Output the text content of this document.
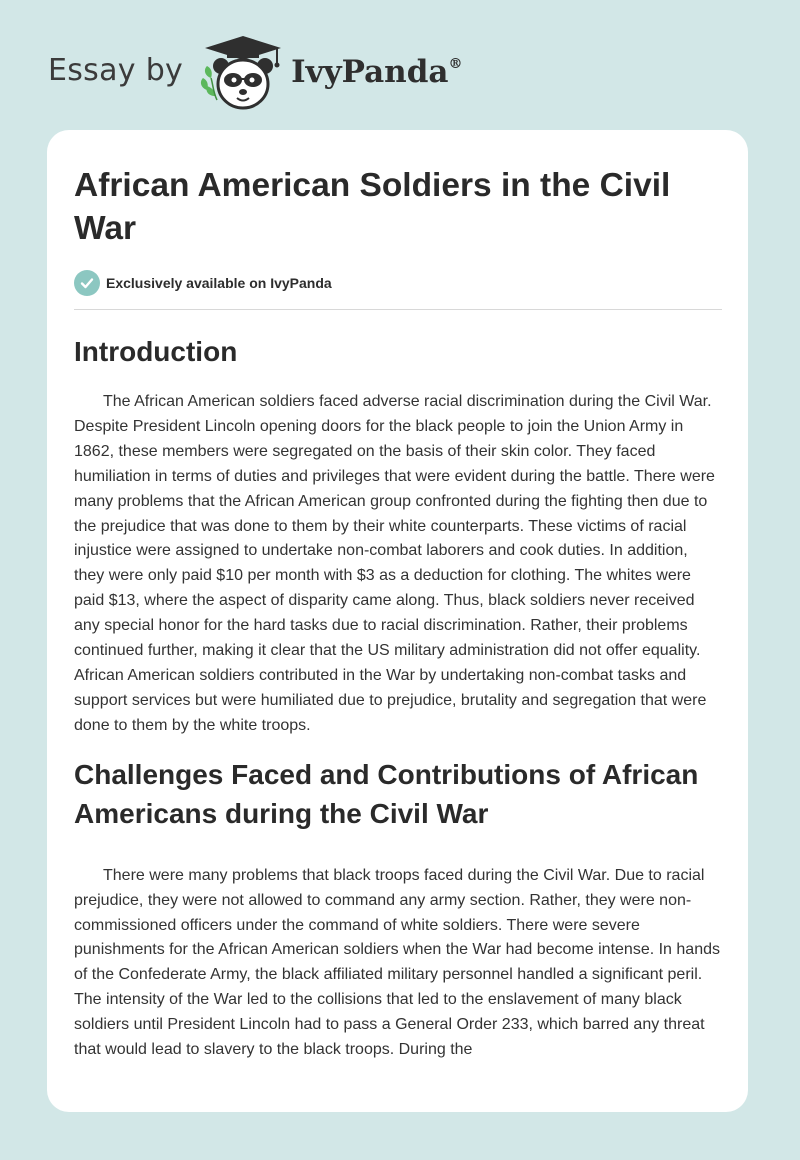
Essay by	IvyPanda®
African American Soldiers in the Civil War
Exclusively available on IvyPanda
Introduction

The African American soldiers faced adverse racial discrimination during the Civil War. Despite President Lincoln opening doors for the black people to join the Union Army in 1862, these members were segregated on the basis of their skin color. They faced humiliation in terms of duties and privileges that were evident during the battle. There were many problems that the African American group confronted during the fighting then due to the prejudice that was done to them by their white counterparts. These victims of racial injustice were assigned to undertake non-combat laborers and cook duties. In addition, they were only paid $10 per month with $3 as a deduction for clothing. The whites were paid $13, where the aspect of disparity came along. Thus, black soldiers never received any special honor for the hard tasks due to racial discrimination. Rather, their problems continued further, making it clear that the US military administration did not offer equality. African American soldiers contributed in the War by undertaking non-combat tasks and support services but were humiliated due to prejudice, brutality and segregation that were done to them by the white troops.

Challenges Faced and Contributions of African Americans during the Civil War

There were many problems that black troops faced during the Civil War. Due to racial prejudice, they were not allowed to command any army section. Rather, they were non-commissioned officers under the command of white soldiers. There were severe punishments for the African American soldiers when the War had become intense. In hands of the Confederate Army, the black affiliated military personnel handled a significant peril. The intensity of the War led to the collisions that led to the enslavement of many black soldiers until President Lincoln had to pass a General Order 233, which barred any threat that would lead to slavery to the black troops. During the
